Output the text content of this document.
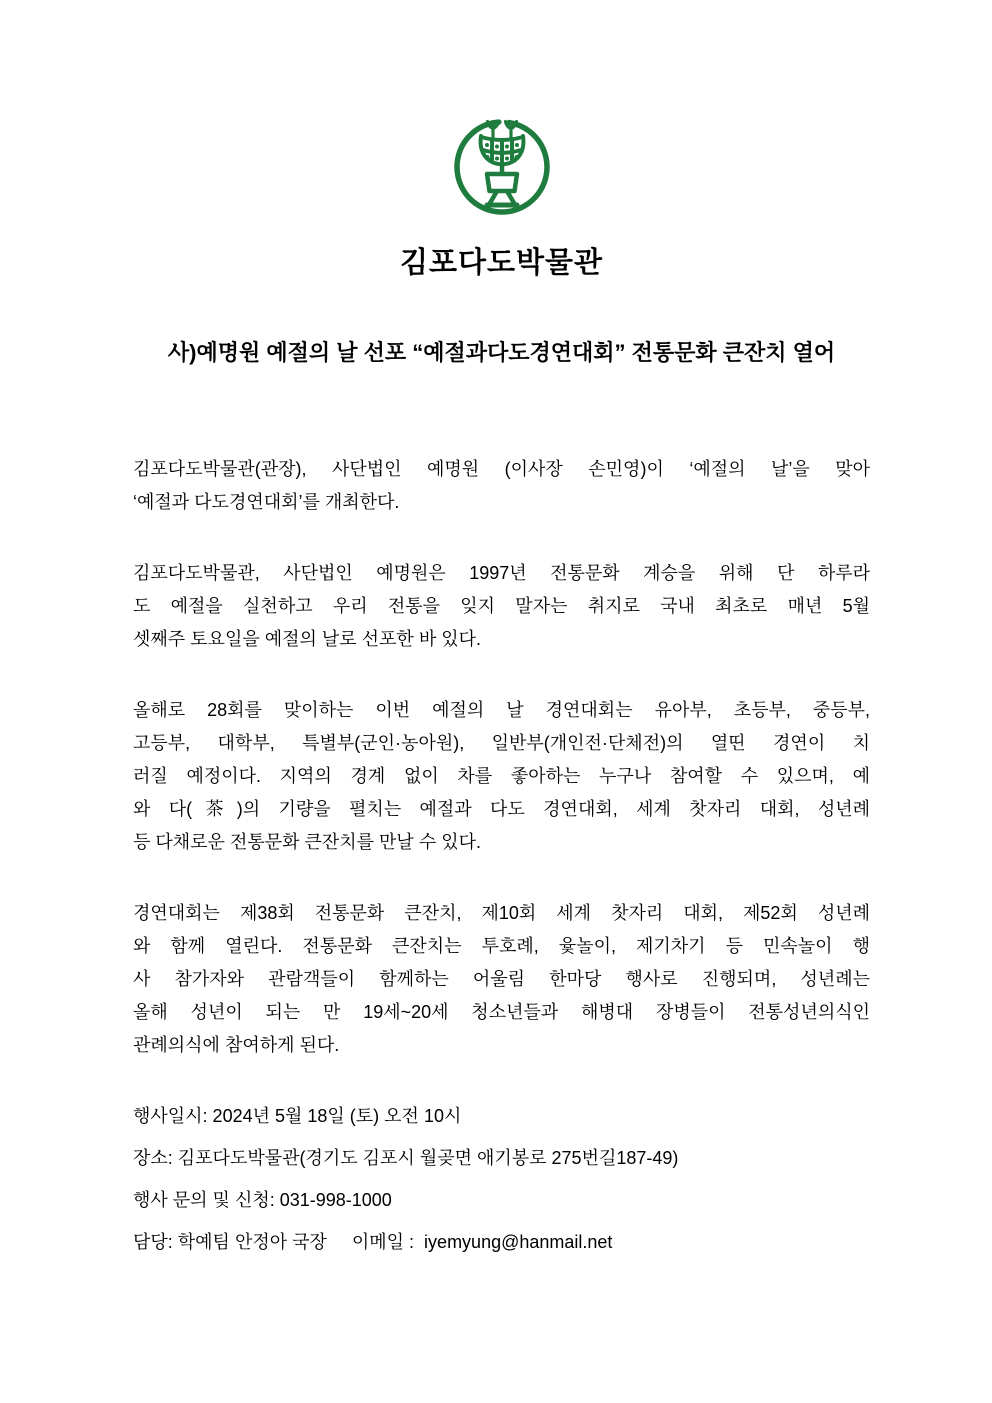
김포다도박물관
사)예명원 예절의 날 선포 “예절과다도경연대회” 전통문화 큰잔치 열어
김포다도박물관(관장), 사단법인 예명원 (이사장 손민영)이 ‘예절의 날’을 맞아
‘예절과 다도경연대회’를 개최한다.
김포다도박물관, 사단법인 예명원은 1997년 전통문화 계승을 위해 단 하루라
도 예절을 실천하고 우리 전통을 잊지 말자는 취지로 국내 최초로 매년 5월
셋째주 토요일을 예절의 날로 선포한 바 있다.
올해로 28회를 맞이하는 이번 예절의 날 경연대회는 유아부, 초등부, 중등부,
고등부, 대학부, 특별부(군인·농아원), 일반부(개인전·단체전)의 열띤 경연이 치
러질 예정이다. 지역의 경계 없이 차를 좋아하는 누구나 참여할 수 있으며, 예
와 다(茶)의 기량을 펼치는 예절과 다도 경연대회, 세계 찻자리 대회, 성년례
등 다채로운 전통문화 큰잔치를 만날 수 있다.
경연대회는 제38회 전통문화 큰잔치, 제10회 세계 찻자리 대회, 제52회 성년례
와 함께 열린다. 전통문화 큰잔치는 투호례, 윷놀이, 제기차기 등 민속놀이 행
사 참가자와 관람객들이 함께하는 어울림 한마당 행사로 진행되며, 성년례는
올해 성년이 되는 만 19세~20세 청소년들과 해병대 장병들이 전통성년의식인
관례의식에 참여하게 된다.
행사일시: 2024년 5월 18일 (토) 오전 10시
장소: 김포다도박물관(경기도 김포시 월곶면 애기봉로 275번길187-49)
행사 문의 및 신청: 031-998-1000
담당: 학예팀 안정아 국장     이메일 :  iyemyung@hanmail.net
